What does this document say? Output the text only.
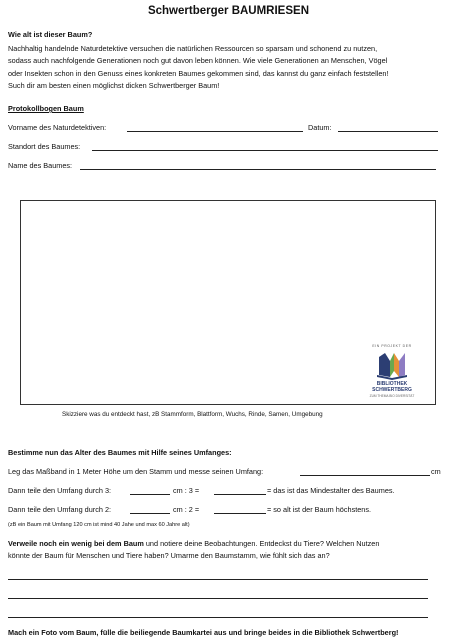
Schwertberger BAUMRIESEN
Wie alt ist dieser Baum?
Nachhaltig handelnde Naturdetektive versuchen die natürlichen Ressourcen so sparsam und schonend zu nutzen,
sodass auch nachfolgende Generationen noch gut davon leben können. Wie viele Generationen an Menschen, Vögel
oder Insekten schon in den Genuss eines konkreten Baumes gekommen sind, das kannst du ganz einfach feststellen!
Such dir am besten einen möglichst dicken Schwertberger Baum!
Protokollbogen Baum
Vorname des Naturdetektiven:	Datum:
Standort des Baumes:
Name des Baumes:
EIN PROJEKT DER
BIBLIOTHEK
SCHWERTBERG
ZUM THEMA BIO DIVERSITÄT
Skizziere was du entdeckt hast, zB Stammform, Blattform, Wuchs, Rinde, Samen, Umgebung
Bestimme nun das Alter des Baumes mit Hilfe seines Umfanges:
Leg das Maßband in 1 Meter Höhe um den Stamm und messe seinen Umfang:	cm
Dann teile den Umfang durch 3:	cm : 3 =	= das ist das Mindestalter des Baumes.
Dann teile den Umfang durch 2:	cm : 2 =	= so alt ist der Baum höchstens.
(zB ein Baum mit Umfang 120 cm ist mind 40 Jahe und max 60 Jahre alt)
Verweile noch ein wenig bei dem Baum und notiere deine Beobachtungen. Entdeckst du Tiere? Welchen Nutzen
könnte der Baum für Menschen und Tiere haben? Umarme den Baumstamm, wie fühlt sich das an?
Mach ein Foto vom Baum, fülle die beiliegende Baumkartei aus und bringe beides in die Bibliothek Schwertberg!
